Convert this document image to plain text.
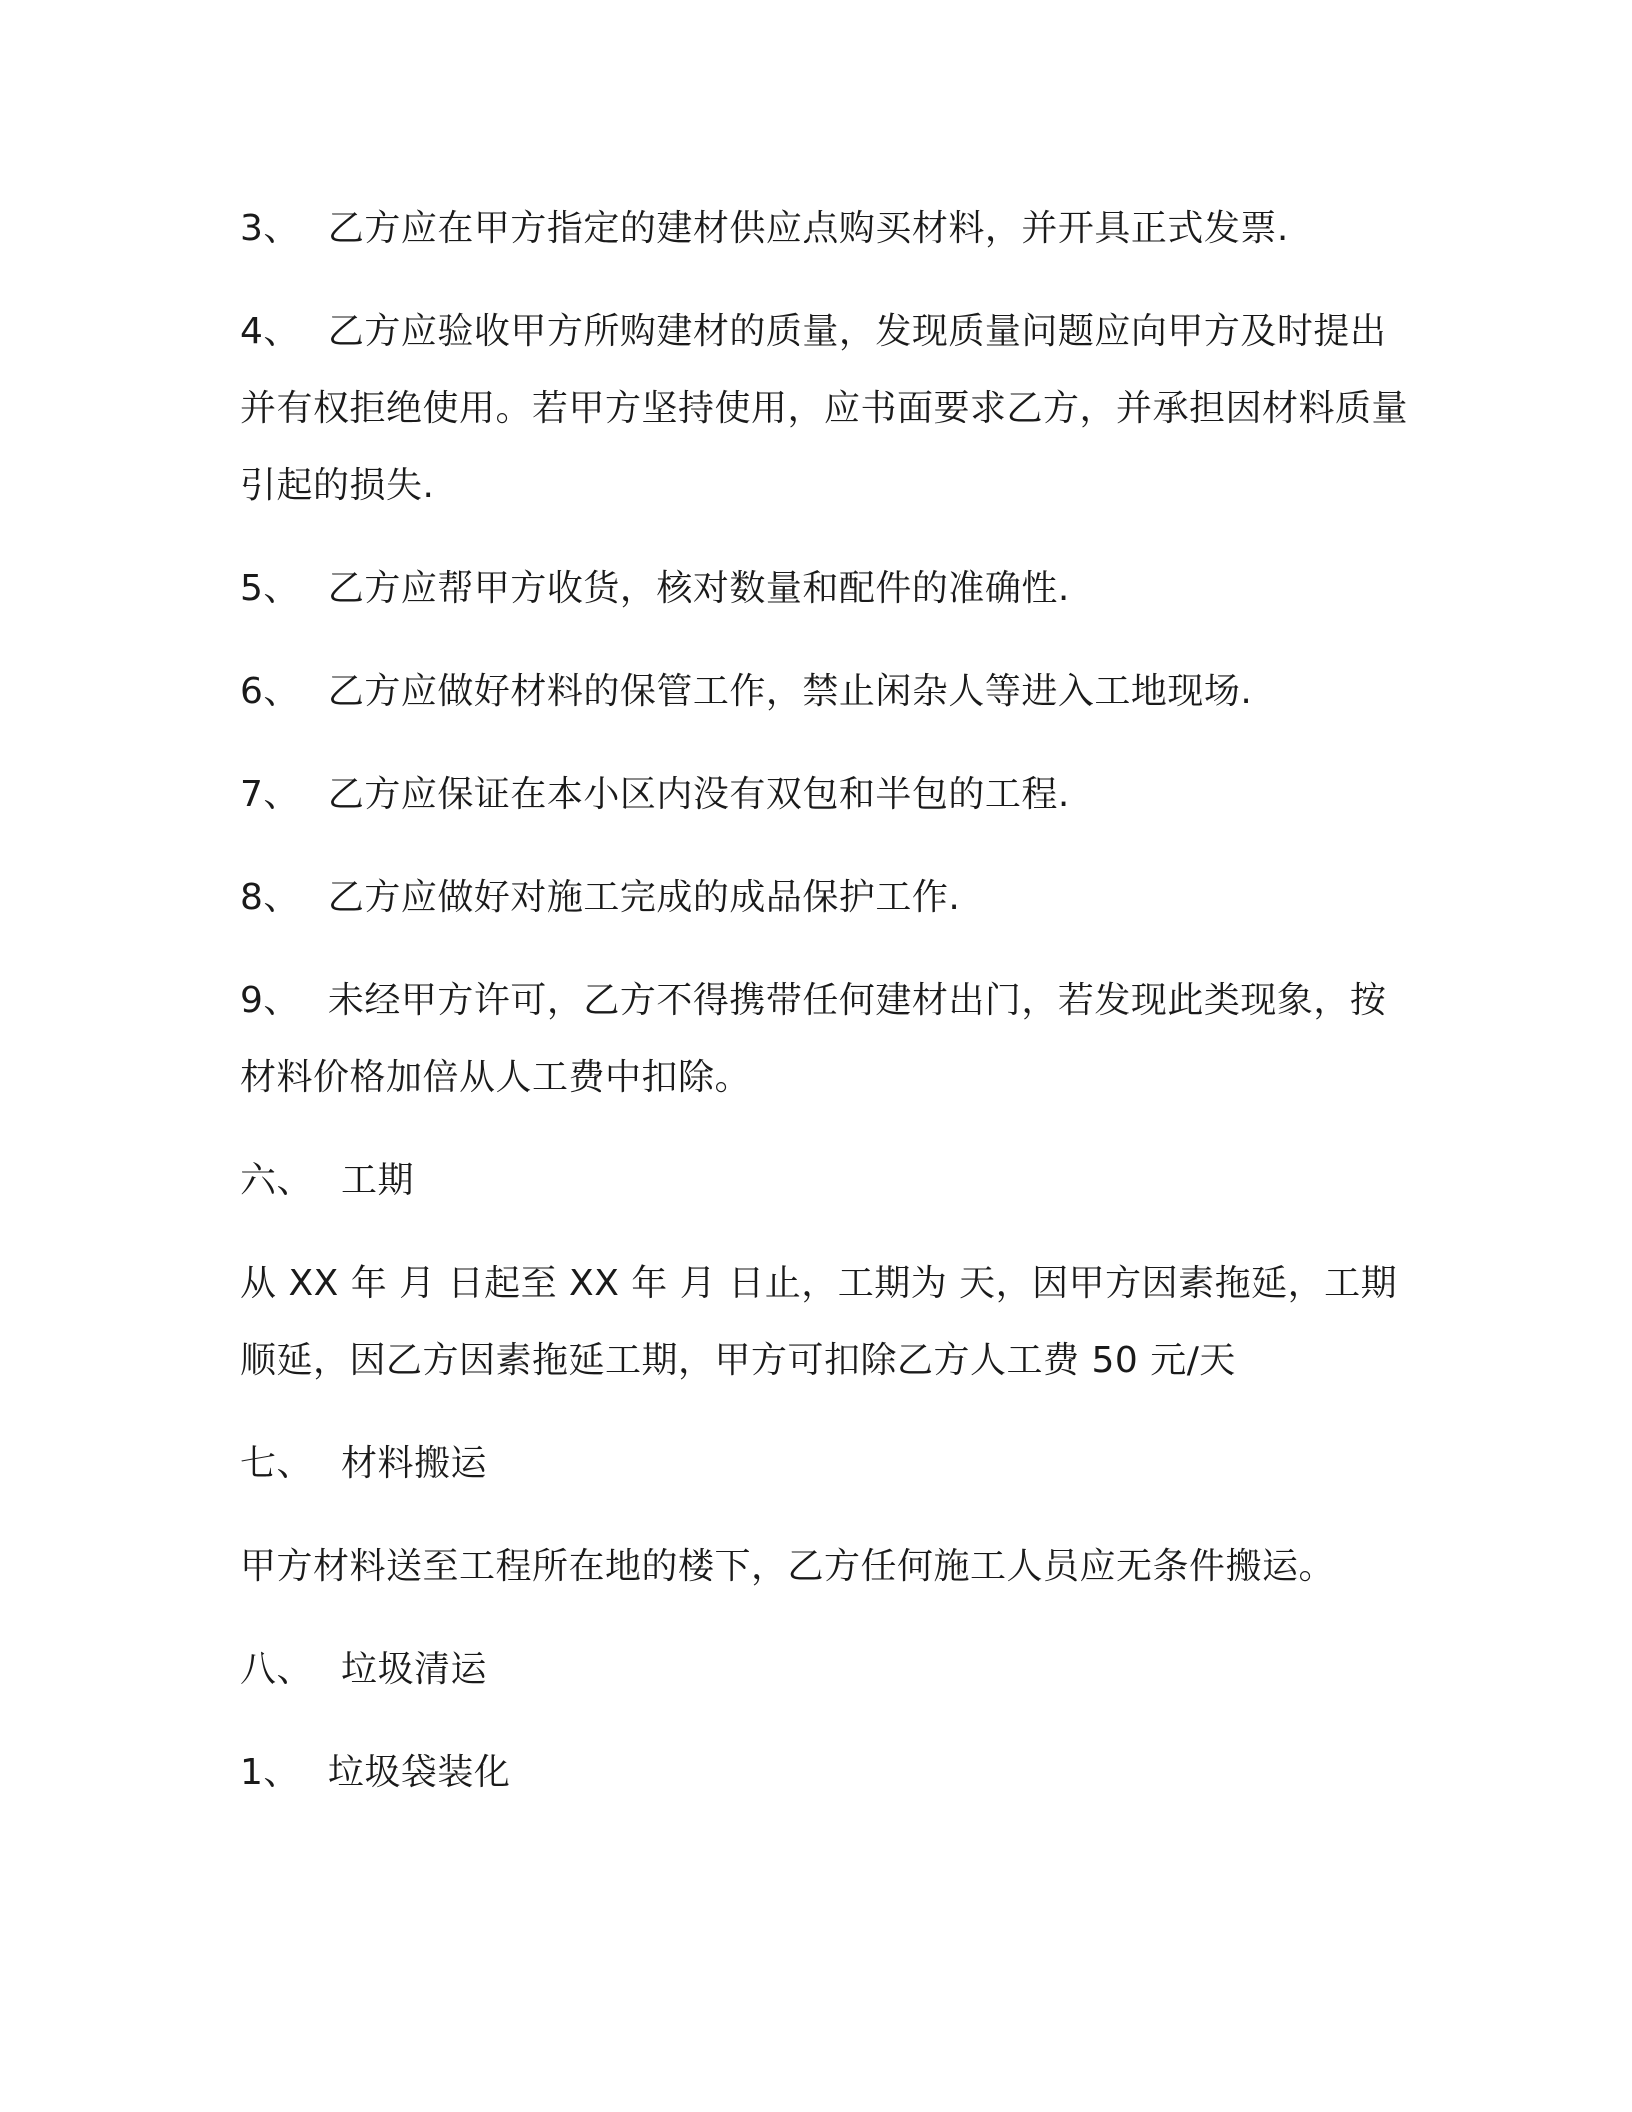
3、 乙方应在甲方指定的建材供应点购买材料，并开具正式发票.

4、 乙方应验收甲方所购建材的质量，发现质量问题应向甲方及时提出并有权拒绝使用。若甲方坚持使用，应书面要求乙方，并承担因材料质量引起的损失.

5、 乙方应帮甲方收货，核对数量和配件的准确性.

6、 乙方应做好材料的保管工作，禁止闲杂人等进入工地现场.

7、 乙方应保证在本小区内没有双包和半包的工程.

8、 乙方应做好对施工完成的成品保护工作.

9、 未经甲方许可，乙方不得携带任何建材出门，若发现此类现象，按材料价格加倍从人工费中扣除。

六、 工期

从 XX 年 月 日起至 XX 年 月 日止，工期为 天，因甲方因素拖延，工期顺延，因乙方因素拖延工期，甲方可扣除乙方人工费 50 元/天

七、 材料搬运

甲方材料送至工程所在地的楼下，乙方任何施工人员应无条件搬运。

八、 垃圾清运

1、 垃圾袋装化
